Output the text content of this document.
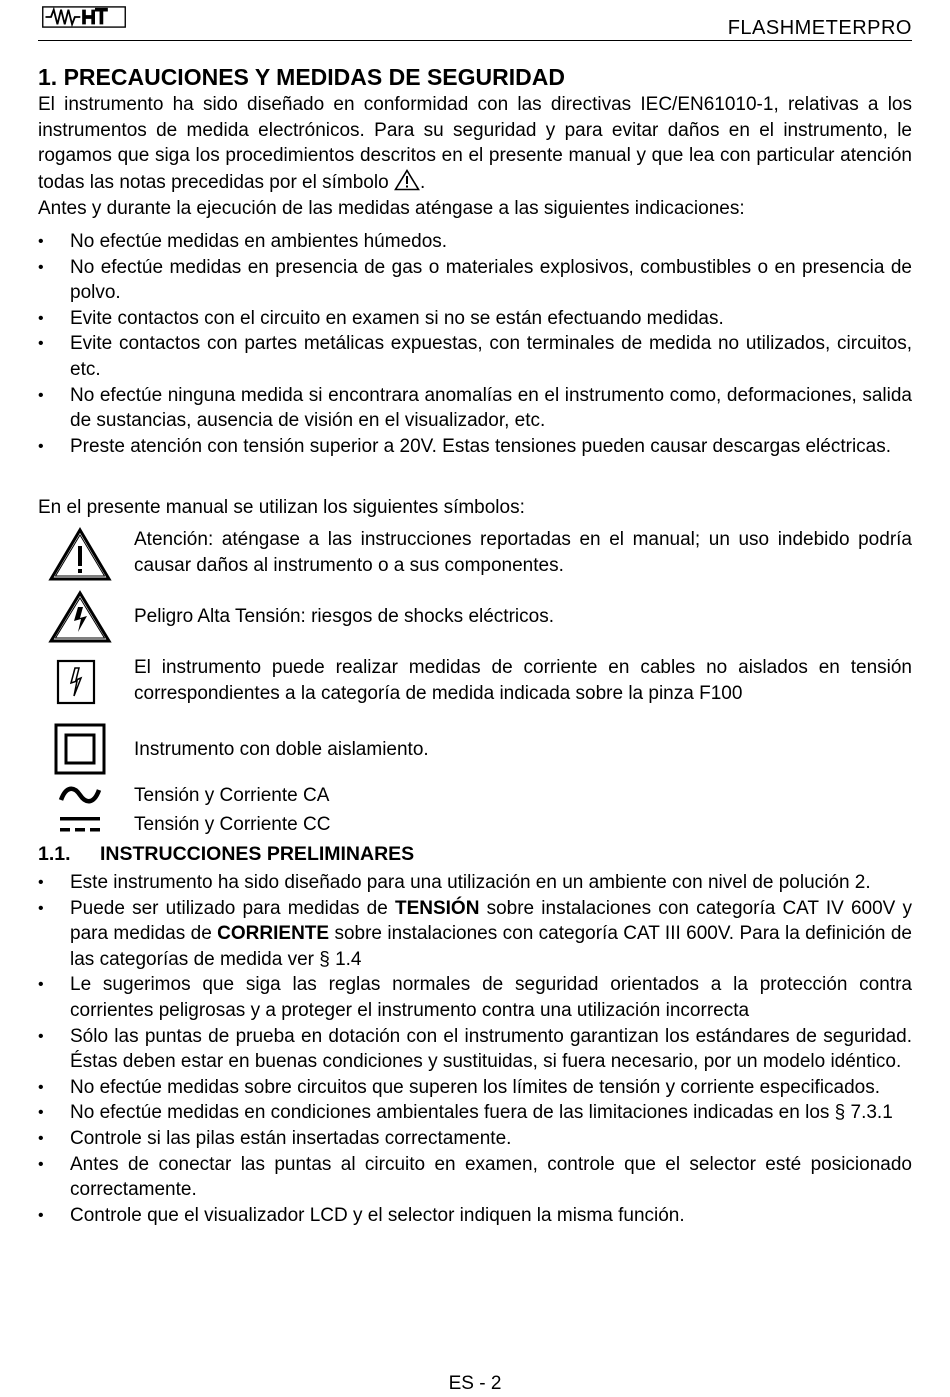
FLASHMETERPRO
1. PRECAUCIONES Y MEDIDAS DE SEGURIDAD
El instrumento ha sido diseñado en conformidad con las directivas IEC/EN61010-1, relativas a los instrumentos de medida electrónicos. Para su seguridad y para evitar daños en el instrumento, le rogamos que siga los procedimientos descritos en el presente manual y que lea con particular atención todas las notas precedidas por el símbolo .
Antes y durante la ejecución de las medidas aténgase a las siguientes indicaciones:
• No efectúe medidas en ambientes húmedos.
• No efectúe medidas en presencia de gas o materiales explosivos, combustibles o en presencia de polvo.
• Evite contactos con el circuito en examen si no se están efectuando medidas.
• Evite contactos con partes metálicas expuestas, con terminales de medida no utilizados, circuitos, etc.
• No efectúe ninguna medida si encontrara anomalías en el instrumento como, deformaciones, salida de sustancias, ausencia de visión en el visualizador, etc.
• Preste atención con tensión superior a 20V. Estas tensiones pueden causar descargas eléctricas.
En el presente manual se utilizan los siguientes símbolos:
Atención: aténgase a las instrucciones reportadas en el manual; un uso indebido podría causar daños al instrumento o a sus componentes.
Peligro Alta Tensión: riesgos de shocks eléctricos.
El instrumento puede realizar medidas de corriente en cables no aislados en tensión correspondientes a la categoría de medida indicada sobre la pinza F100
Instrumento con doble aislamiento.
Tensión y Corriente CA
Tensión y Corriente CC
1.1. INSTRUCCIONES PRELIMINARES
• Este instrumento ha sido diseñado para una utilización en un ambiente con nivel de polución 2.
• Puede ser utilizado para medidas de TENSIÓN sobre instalaciones con categoría CAT IV 600V y para medidas de CORRIENTE sobre instalaciones con categoría CAT III 600V. Para la definición de las categorías de medida ver § 1.4
• Le sugerimos que siga las reglas normales de seguridad orientados a la protección contra corrientes peligrosas y a proteger el instrumento contra una utilización incorrecta
• Sólo las puntas de prueba en dotación con el instrumento garantizan los estándares de seguridad. Éstas deben estar en buenas condiciones y sustituidas, si fuera necesario, por un modelo idéntico.
• No efectúe medidas sobre circuitos que superen los límites de tensión y corriente especificados.
• No efectúe medidas en condiciones ambientales fuera de las limitaciones indicadas en los § 7.3.1
• Controle si las pilas están insertadas correctamente.
• Antes de conectar las puntas al circuito en examen, controle que el selector esté posicionado correctamente.
• Controle que el visualizador LCD y el selector indiquen la misma función.
ES - 2
